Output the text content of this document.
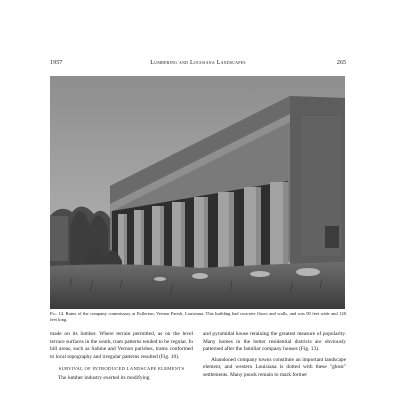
1957	Lumbering and Louisiana Landscapes	265
Fig. 14. Ruins of the company commissary at Fullerton, Vernon Parish, Louisiana. This building had concrete floors and walls, and was 90 feet wide and 120 feet long.

made on its lumber. Where terrain permitted, as on the level terrace surfaces in the south, tram patterns tended to be regular. In hill areas, such as Sabine and Vernon parishes, trams conformed to local topography and irregular patterns resulted (Fig. 10).

SURVIVAL OF INTRODUCED LANDSCAPE ELEMENTS

The lumber industry exerted its modifying

and pyramidal house retaining the greatest measure of popularity. Many homes in the better residential districts are obviously patterned after the familiar company houses (Fig. 13).

Abandoned company towns constitute an important landscape element, and western Louisiana is dotted with these "ghost" settlements. Many ponds remain to mark former
